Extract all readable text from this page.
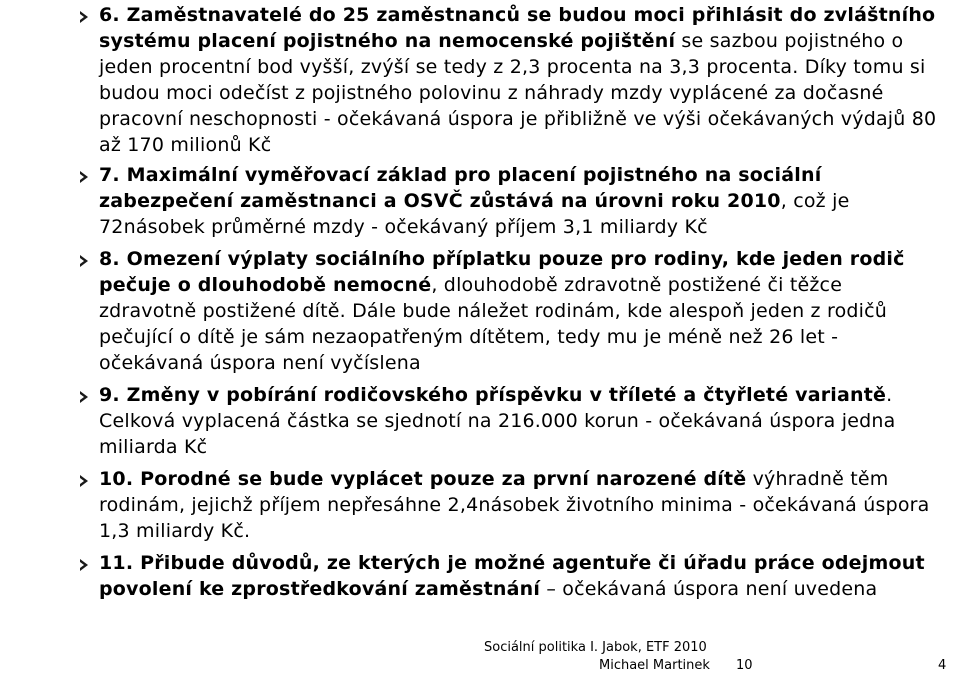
6. Zaměstnavatelé do 25 zaměstnanců se budou moci přihlásit do zvláštního systému placení pojistného na nemocenské pojištění se sazbou pojistného o jeden procentní bod vyšší, zvýší se tedy z 2,3 procenta na 3,3 procenta. Díky tomu si budou moci odečíst z pojistného polovinu z náhrady mzdy vyplácené za dočasné pracovní neschopnosti - očekávaná úspora je přibližně ve výši očekávaných výdajů 80 až 170 milionů Kč
7. Maximální vyměřovací základ pro placení pojistného na sociální zabezpečení zaměstnanci a OSVČ zůstává na úrovni roku 2010, což je 72násobek průměrné mzdy - očekávaný příjem 3,1 miliardy Kč
8. Omezení výplaty sociálního příplatku pouze pro rodiny, kde jeden rodič pečuje o dlouhodobě nemocné, dlouhodobě zdravotně postižené či těžce zdravotně postižené dítě. Dále bude náležet rodinám, kde alespoň jeden z rodičů pečující o dítě je sám nezaopatřeným dítětem, tedy mu je méně než 26 let - očekávaná úspora není vyčíslena
9. Změny v pobírání rodičovského příspěvku v tříleté a čtyřleté variantě. Celková vyplacená částka se sjednotí na 216.000 korun - očekávaná úspora jedna miliarda Kč
10. Porodné se bude vyplácet pouze za první narozené dítě výhradně těm rodinám, jejichž příjem nepřesáhne 2,4násobek životního minima - očekávaná úspora 1,3 miliardy Kč.
11. Přibude důvodů, ze kterých je možné agentuře či úřadu práce odejmout povolení ke zprostředkování zaměstnání – očekávaná úspora není uvedena
Sociální politika I. Jabok, ETF 2010
Michael Martinek 10	4
